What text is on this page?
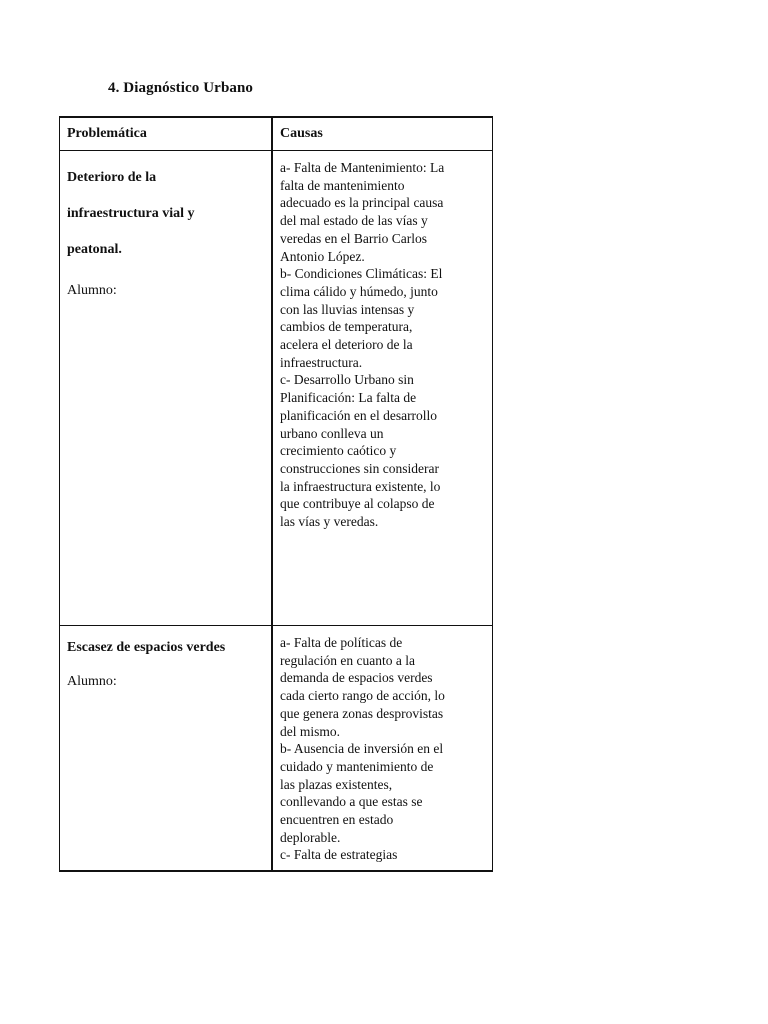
4. Diagnóstico Urbano
Problemática	Causas
Deterioro de la
infraestructura vial y
peatonal.
Alumno:

a- Falta de Mantenimiento: La
falta de mantenimiento
adecuado es la principal causa
del mal estado de las vías y
veredas en el Barrio Carlos
Antonio López.

b- Condiciones Climáticas: El
clima cálido y húmedo, junto
con las lluvias intensas y
cambios de temperatura,
acelera el deterioro de la
infraestructura.

c- Desarrollo Urbano sin
Planificación: La falta de
planificación en el desarrollo
urbano conlleva un
crecimiento caótico y
construcciones sin considerar
la infraestructura existente, lo
que contribuye al colapso de
las vías y veredas.

Escasez de espacios verdes
Alumno:

a- Falta de políticas de
regulación en cuanto a la
demanda de espacios verdes
cada cierto rango de acción, lo
que genera zonas desprovistas
del mismo.

b- Ausencia de inversión en el
cuidado y mantenimiento de
las plazas existentes,
conllevando a que estas se
encuentren en estado
deplorable.

c- Falta de estrategias
